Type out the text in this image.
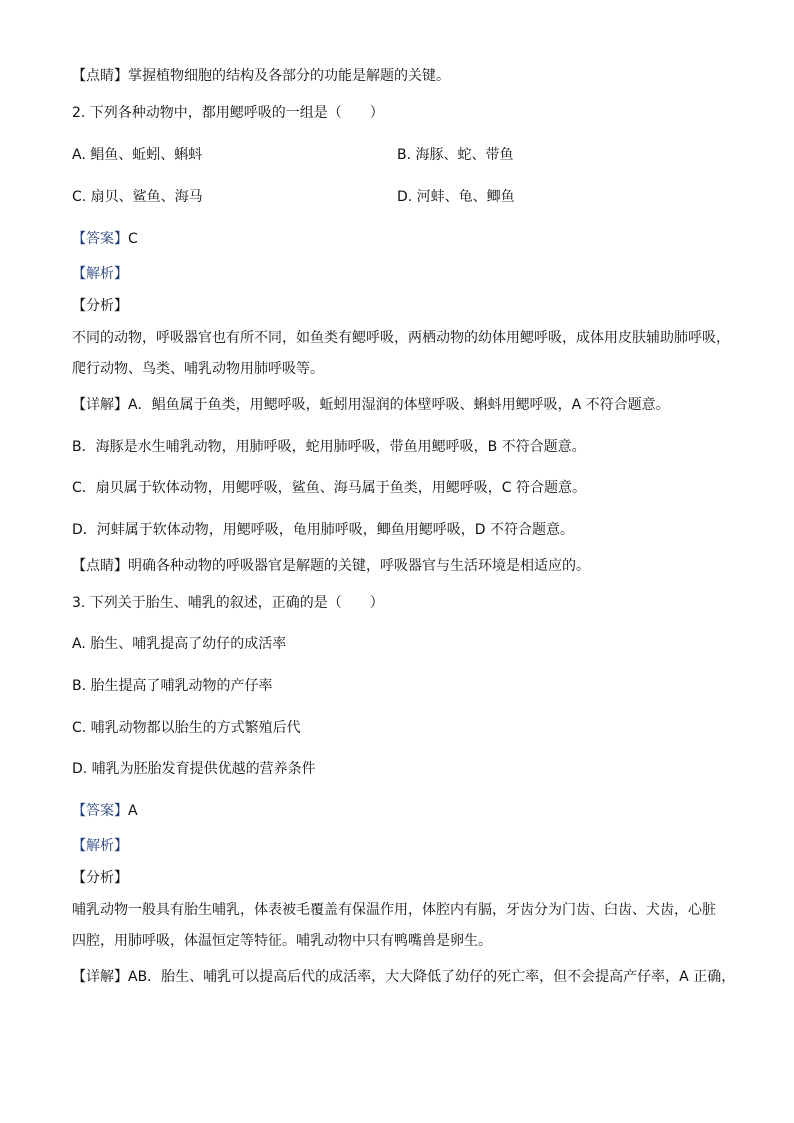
【点睛】掌握植物细胞的结构及各部分的功能是解题的关键。
2. 下列各种动物中，都用鳃呼吸的一组是（　　）
A. 鲳鱼、蚯蚓、蝌蚪	B. 海豚、蛇、带鱼
C. 扇贝、鲨鱼、海马	D. 河蚌、龟、鲫鱼
【答案】C
【解析】
【分析】
不同的动物，呼吸器官也有所不同，如鱼类有鳃呼吸，两栖动物的幼体用鳃呼吸，成体用皮肤辅助肺呼吸，
爬行动物、鸟类、哺乳动物用肺呼吸等。
【详解】A．鲳鱼属于鱼类，用鳃呼吸，蚯蚓用湿润的体壁呼吸、蝌蚪用鳃呼吸，A 不符合题意。
B．海豚是水生哺乳动物，用肺呼吸，蛇用肺呼吸，带鱼用鳃呼吸，B 不符合题意。
C．扇贝属于软体动物，用鳃呼吸，鲨鱼、海马属于鱼类，用鳃呼吸，C 符合题意。
D．河蚌属于软体动物，用鳃呼吸，龟用肺呼吸，鲫鱼用鳃呼吸，D 不符合题意。
【点睛】明确各种动物的呼吸器官是解题的关键，呼吸器官与生活环境是相适应的。
3. 下列关于胎生、哺乳的叙述，正确的是（　　）
A. 胎生、哺乳提高了幼仔的成活率
B. 胎生提高了哺乳动物的产仔率
C. 哺乳动物都以胎生的方式繁殖后代
D. 哺乳为胚胎发育提供优越的营养条件
【答案】A
【解析】
【分析】
哺乳动物一般具有胎生哺乳，体表被毛覆盖有保温作用，体腔内有膈，牙齿分为门齿、臼齿、犬齿，心脏
四腔，用肺呼吸，体温恒定等特征。哺乳动物中只有鸭嘴兽是卵生。
【详解】AB．胎生、哺乳可以提高后代的成活率，大大降低了幼仔的死亡率，但不会提高产仔率，A 正确，
